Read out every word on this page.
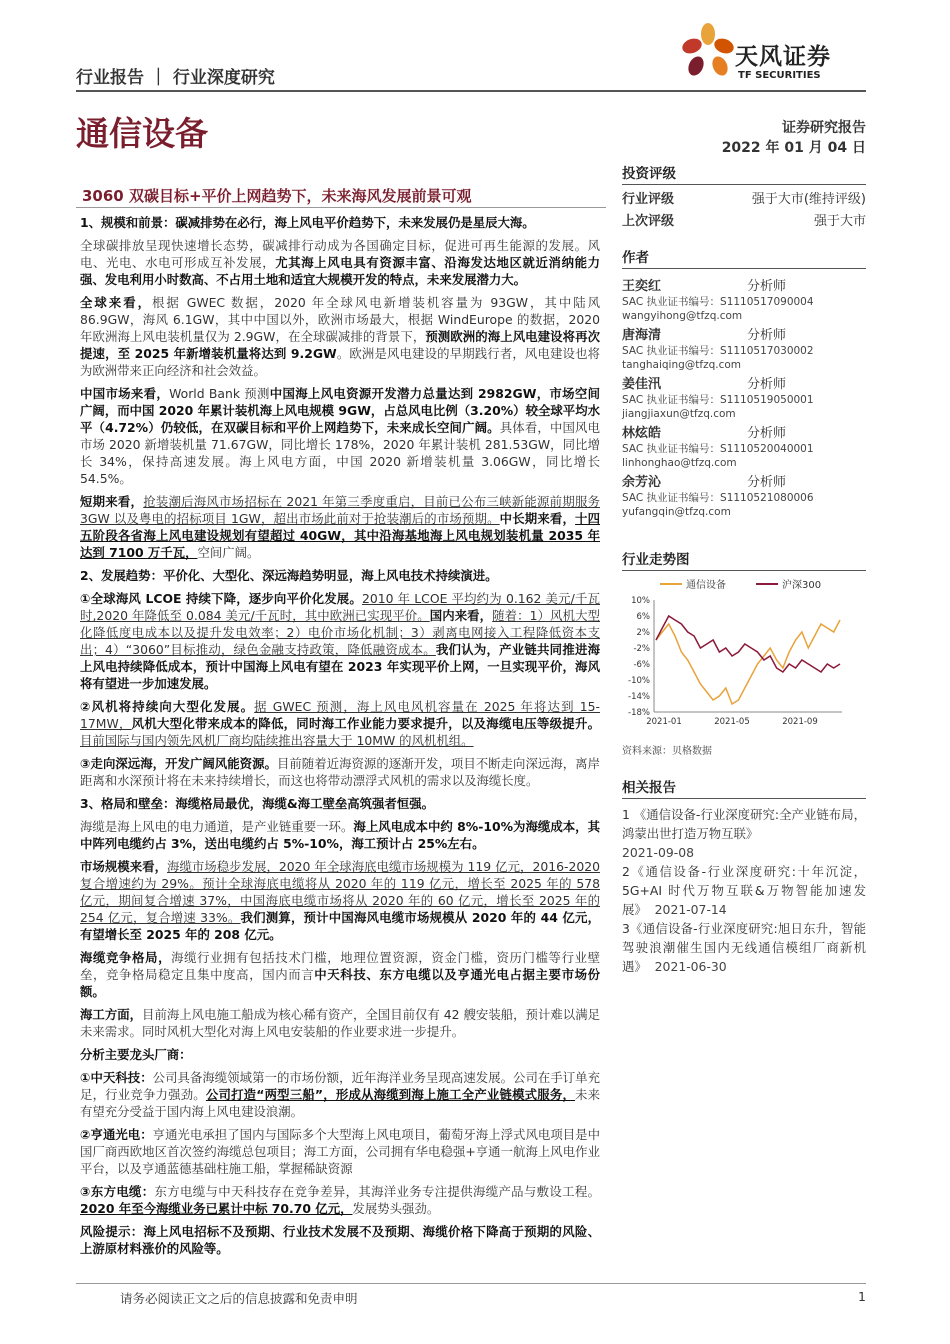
行业报告 ｜ 行业深度研究
天风证券
TF SECURITIES
通信设备	证券研究报告
2022 年 01 月 04 日
3060 双碳目标+平价上网趋势下，未来海风发展前景可观

1、规模和前景：碳减排势在必行，海上风电平价趋势下，未来发展仍是星辰大海。

全球碳排放呈现快速增长态势，碳减排行动成为各国确定目标，促进可再生能源的发展。风电、光电、水电可形成互补发展，尤其海上风电具有资源丰富、沿海发达地区就近消纳能力强、发电利用小时数高、不占用土地和适宜大规模开发的特点，未来发展潜力大。

全球来看，根据 GWEC 数据，2020 年全球风电新增装机容量为 93GW，其中陆风 86.9GW，海风 6.1GW，其中中国以外，欧洲市场最大，根据 WindEurope 的数据，2020 年欧洲海上风电装机量仅为 2.9GW，在全球碳减排的背景下，预测欧洲的海上风电建设将再次提速，至 2025 年新增装机量将达到 9.2GW。欧洲是风电建设的早期践行者，风电建设也将为欧洲带来正向经济和社会效益。

中国市场来看，World Bank 预测中国海上风电资源开发潜力总量达到 2982GW，市场空间广阔，而中国 2020 年累计装机海上风电规模 9GW，占总风电比例（3.20%）较全球平均水平（4.72%）仍较低，在双碳目标和平价上网趋势下，未来成长空间广阔。具体看，中国风电市场 2020 新增装机量 71.67GW，同比增长 178%，2020 年累计装机 281.53GW，同比增长 34%，保持高速发展。海上风电方面，中国 2020 新增装机量 3.06GW，同比增长 54.5%。

短期来看，抢装潮后海风市场招标在 2021 年第三季度重启，目前已公布三峡新能源前期服务 3GW 以及粤电的招标项目 1GW，超出市场此前对于抢装潮后的市场预期。中长期来看，十四五阶段各省海上风电建设规划有望超过 40GW，其中沿海基地海上风电规划装机量 2035 年达到 7100 万千瓦，空间广阔。

2、发展趋势：平价化、大型化、深远海趋势明显，海上风电技术持续演进。

①全球海风 LCOE 持续下降，逐步向平价化发展。2010 年 LCOE 平均约为 0.162 美元/千瓦时,2020 年降低至 0.084 美元/千瓦时，其中欧洲已实现平价。国内来看，随着：1）风机大型化降低度电成本以及提升发电效率；2）电价市场化机制；3）剥离电网接入工程降低资本支出；4）“3060”目标推动，绿色金融支持政策，降低融资成本。我们认为，产业链共同推进海上风电持续降低成本，预计中国海上风电有望在 2023 年实现平价上网，一旦实现平价，海风将有望进一步加速发展。

②风机将持续向大型化发展。据 GWEC 预测，海上风电风机容量在 2025 年将达到 15-17MW，风机大型化带来成本的降低，同时海工作业能力要求提升，以及海缆电压等级提升。目前国际与国内领先风机厂商均陆续推出容量大于 10MW 的风机机组。

③走向深远海，开发广阔风能资源。目前随着近海资源的逐渐开发，项目不断走向深远海，离岸距离和水深预计将在未来持续增长，而这也将带动漂浮式风机的需求以及海缆长度。

3、格局和壁垒：海缆格局最优，海缆&海工壁垒高筑强者恒强。

海缆是海上风电的电力通道，是产业链重要一环。海上风电成本中约 8%-10%为海缆成本，其中阵列电缆约占 3%，送出电缆约占 5%-10%，海工预计占 25%左右。

市场规模来看，海缆市场稳步发展，2020 年全球海底电缆市场规模为 119 亿元，2016-2020 复合增速约为 29%。预计全球海底电缆将从 2020 年的 119 亿元，增长至 2025 年的 578 亿元，期间复合增速 37%，中国海底电缆市场将从 2020 年的 60 亿元，增长至 2025 年的 254 亿元，复合增速 33%。我们测算，预计中国海风电缆市场规模从 2020 年的 44 亿元，有望增长至 2025 年的 208 亿元。

海缆竞争格局，海缆行业拥有包括技术门槛，地理位置资源，资金门槛，资历门槛等行业壁垒，竞争格局稳定且集中度高，国内而言中天科技、东方电缆以及亨通光电占据主要市场份额。

海工方面，目前海上风电施工船成为核心稀有资产，全国目前仅有 42 艘安装船，预计难以满足未来需求。同时风机大型化对海上风电安装船的作业要求进一步提升。

分析主要龙头厂商：

①中天科技：公司具备海缆领域第一的市场份额，近年海洋业务呈现高速发展。公司在手订单充足，行业竞争力强劲。公司打造“两型三船”，形成从海缆到海上施工全产业链模式服务，未来有望充分受益于国内海上风电建设浪潮。

②亨通光电：亨通光电承担了国内与国际多个大型海上风电项目，葡萄牙海上浮式风电项目是中国厂商西欧地区首次签约海缆总包项目；海工方面，公司拥有华电稳强+亨通一航海上风电作业平台，以及亨通蓝德基础柱施工船，掌握稀缺资源

③东方电缆：东方电缆与中天科技存在竞争差异，其海洋业务专注提供海缆产品与敷设工程。2020 年至今海缆业务已累计中标 70.70 亿元，发展势头强劲。

风险提示：海上风电招标不及预期、行业技术发展不及预期、海缆价格下降高于预期的风险、上游原材料涨价的风险等。

投资评级
行业评级	强于大市(维持评级)
上次评级	强于大市
作者
王奕红	分析师
SAC 执业证书编号：S1110517090004
wangyihong@tfzq.com
唐海清	分析师
SAC 执业证书编号：S1110517030002
tanghaiqing@tfzq.com
姜佳汛	分析师
SAC 执业证书编号：S1110519050001
jiangjiaxun@tfzq.com
林炫皓	分析师
SAC 执业证书编号：S1110520040001
linhonghao@tfzq.com
余芳沁	分析师
SAC 执业证书编号：S1110521080006
yufangqin@tfzq.com
行业走势图
通信设备	沪深300
10%
6%
2%
-2%
-6%
-10%
-14%
-18%
2021-01	2021-05	2021-09
资料来源：贝格数据
相关报告
1 《通信设备-行业深度研究:全产业链布局，鸿蒙出世打造万物互联》
2021-09-08
2《通信设备-行业深度研究:十年沉淀，5G+AI 时代万物互联&万物智能加速发展》 2021-07-14
3《通信设备-行业深度研究:旭日东升，智能驾驶浪潮催生国内无线通信模组厂商新机遇》 2021-06-30
请务必阅读正文之后的信息披露和免责申明	1
